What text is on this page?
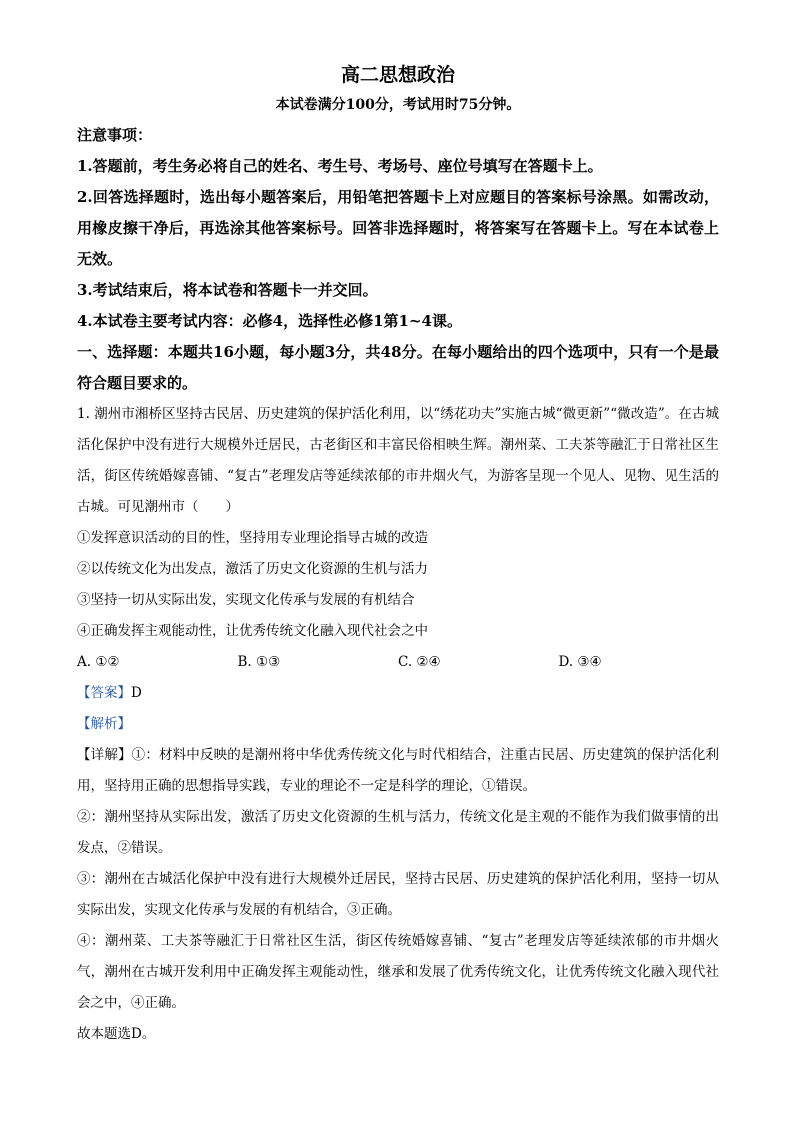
高二思想政治

本试卷满分100分，考试用时75分钟。

注意事项：

1.答题前，考生务必将自己的姓名、考生号、考场号、座位号填写在答题卡上。

2.回答选择题时，选出每小题答案后，用铅笔把答题卡上对应题目的答案标号涂黑。如需改动，用橡皮擦干净后，再选涂其他答案标号。回答非选择题时，将答案写在答题卡上。写在本试卷上无效。

3.考试结束后，将本试卷和答题卡一并交回。

4.本试卷主要考试内容：必修4，选择性必修1第1~4课。

一、选择题：本题共16小题，每小题3分，共48分。在每小题给出的四个选项中，只有一个是最符合题目要求的。

1. 潮州市湘桥区坚持古民居、历史建筑的保护活化利用，以“绣花功夫”实施古城“微更新”“微改造”。在古城活化保护中没有进行大规模外迁居民，古老街区和丰富民俗相映生辉。潮州菜、工夫茶等融汇于日常社区生活，街区传统婚嫁喜铺、“复古”老理发店等延续浓郁的市井烟火气，为游客呈现一个见人、见物、见生活的古城。可见潮州市（　　）

①发挥意识活动的目的性，坚持用专业理论指导古城的改造

②以传统文化为出发点，激活了历史文化资源的生机与活力

③坚持一切从实际出发，实现文化传承与发展的有机结合

④正确发挥主观能动性，让优秀传统文化融入现代社会之中

A. ①②	B. ①③	C. ②④	D. ③④

【答案】D

【解析】

【详解】①：材料中反映的是潮州将中华优秀传统文化与时代相结合，注重古民居、历史建筑的保护活化利用，坚持用正确的思想指导实践，专业的理论不一定是科学的理论，①错误。

②：潮州坚持从实际出发，激活了历史文化资源的生机与活力，传统文化是主观的不能作为我们做事情的出发点，②错误。

③：潮州在古城活化保护中没有进行大规模外迁居民，坚持古民居、历史建筑的保护活化利用，坚持一切从实际出发，实现文化传承与发展的有机结合，③正确。

④：潮州菜、工夫茶等融汇于日常社区生活，街区传统婚嫁喜铺、“复古”老理发店等延续浓郁的市井烟火气，潮州在古城开发利用中正确发挥主观能动性，继承和发展了优秀传统文化，让优秀传统文化融入现代社会之中，④正确。

故本题选D。
